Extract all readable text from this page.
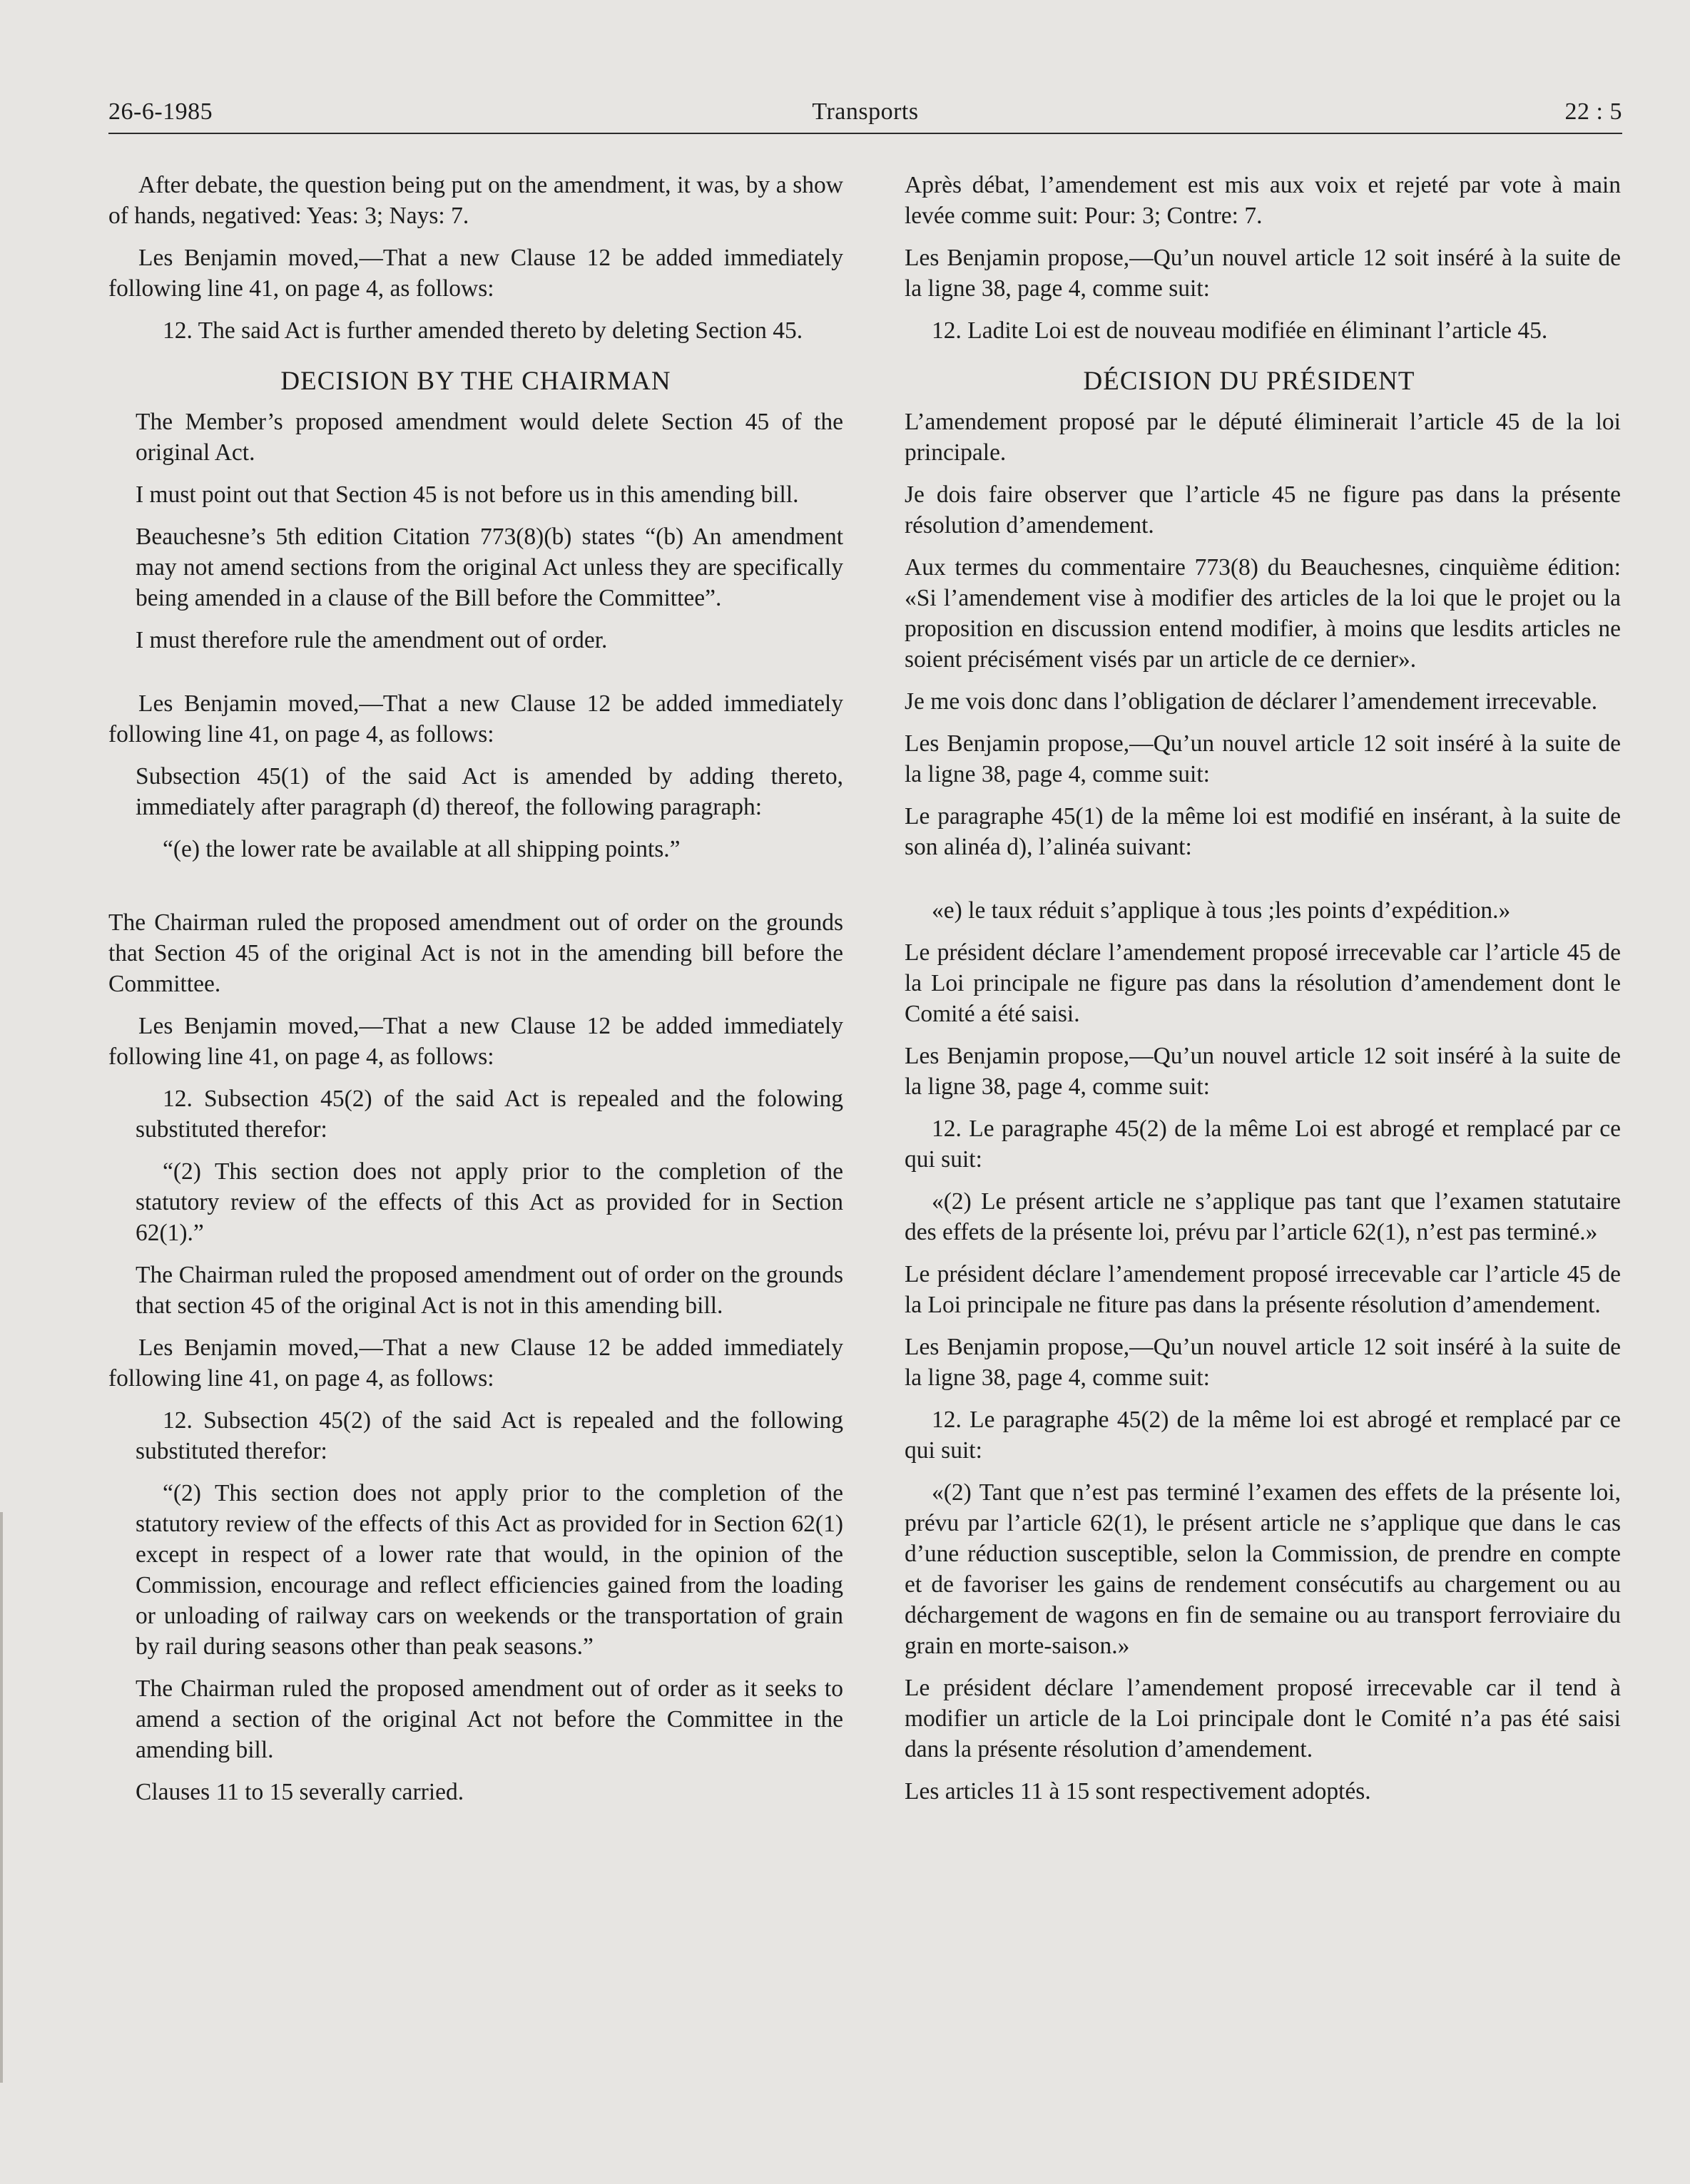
26-6-1985	Transports	22 : 5

After debate, the question being put on the amendment, it was, by a show of hands, negatived: Yeas: 3; Nays: 7.

Les Benjamin moved,—That a new Clause 12 be added immediately following line 41, on page 4, as follows:

12. The said Act is further amended thereto by deleting Section 45.

DECISION BY THE CHAIRMAN

The Member’s proposed amendment would delete Section 45 of the original Act.

I must point out that Section 45 is not before us in this amending bill.

Beauchesne’s 5th edition Citation 773(8)(b) states “(b) An amendment may not amend sections from the original Act unless they are specifically being amended in a clause of the Bill before the Committee”.

I must therefore rule the amendment out of order.

Les Benjamin moved,—That a new Clause 12 be added immediately following line 41, on page 4, as follows:

Subsection 45(1) of the said Act is amended by adding thereto, immediately after paragraph (d) thereof, the following paragraph:

“(e) the lower rate be available at all shipping points.”

The Chairman ruled the proposed amendment out of order on the grounds that Section 45 of the original Act is not in the amending bill before the Committee.

Les Benjamin moved,—That a new Clause 12 be added immediately following line 41, on page 4, as follows:

12. Subsection 45(2) of the said Act is repealed and the folowing substituted therefor:

“(2) This section does not apply prior to the completion of the statutory review of the effects of this Act as provided for in Section 62(1).”

The Chairman ruled the proposed amendment out of order on the grounds that section 45 of the original Act is not in this amending bill.

Les Benjamin moved,—That a new Clause 12 be added immediately following line 41, on page 4, as follows:

12. Subsection 45(2) of the said Act is repealed and the following substituted therefor:

“(2) This section does not apply prior to the completion of the statutory review of the effects of this Act as provided for in Section 62(1) except in respect of a lower rate that would, in the opinion of the Commission, encourage and reflect efficiencies gained from the loading or unloading of railway cars on weekends or the transportation of grain by rail during seasons other than peak seasons.”

The Chairman ruled the proposed amendment out of order as it seeks to amend a section of the original Act not before the Committee in the amending bill.

Clauses 11 to 15 severally carried.

Après débat, l’amendement est mis aux voix et rejeté par vote à main levée comme suit: Pour: 3; Contre: 7.

Les Benjamin propose,—Qu’un nouvel article 12 soit inséré à la suite de la ligne 38, page 4, comme suit:

12. Ladite Loi est de nouveau modifiée en éliminant l’article 45.

DÉCISION DU PRÉSIDENT

L’amendement proposé par le député éliminerait l’article 45 de la loi principale.

Je dois faire observer que l’article 45 ne figure pas dans la présente résolution d’amendement.

Aux termes du commentaire 773(8) du Beauchesnes, cinquième édition: «Si l’amendement vise à modifier des articles de la loi que le projet ou la proposition en discussion entend modifier, à moins que lesdits articles ne soient précisément visés par un article de ce dernier».

Je me vois donc dans l’obligation de déclarer l’amendement irrecevable.

Les Benjamin propose,—Qu’un nouvel article 12 soit inséré à la suite de la ligne 38, page 4, comme suit:

Le paragraphe 45(1) de la même loi est modifié en insérant, à la suite de son alinéa d), l’alinéa suivant:

«e) le taux réduit s’applique à tous ;les points d’expédition.»

Le président déclare l’amendement proposé irrecevable car l’article 45 de la Loi principale ne figure pas dans la résolution d’amendement dont le Comité a été saisi.

Les Benjamin propose,—Qu’un nouvel article 12 soit inséré à la suite de la ligne 38, page 4, comme suit:

12. Le paragraphe 45(2) de la même Loi est abrogé et remplacé par ce qui suit:

«(2) Le présent article ne s’applique pas tant que l’examen statutaire des effets de la présente loi, prévu par l’article 62(1), n’est pas terminé.»

Le président déclare l’amendement proposé irrecevable car l’article 45 de la Loi principale ne fiture pas dans la présente résolution d’amendement.

Les Benjamin propose,—Qu’un nouvel article 12 soit inséré à la suite de la ligne 38, page 4, comme suit:

12. Le paragraphe 45(2) de la même loi est abrogé et remplacé par ce qui suit:

«(2) Tant que n’est pas terminé l’examen des effets de la présente loi, prévu par l’article 62(1), le présent article ne s’applique que dans le cas d’une réduction susceptible, selon la Commission, de prendre en compte et de favoriser les gains de rendement consécutifs au chargement ou au déchargement de wagons en fin de semaine ou au transport ferroviaire du grain en morte-saison.»

Le président déclare l’amendement proposé irrecevable car il tend à modifier un article de la Loi principale dont le Comité n’a pas été saisi dans la présente résolution d’amendement.

Les articles 11 à 15 sont respectivement adoptés.
